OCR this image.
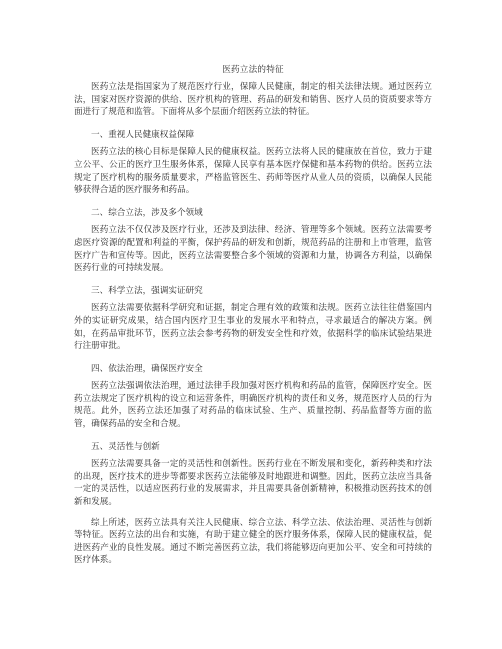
医药立法的特征

医药立法是指国家为了规范医疗行业，保障人民健康，制定的相关法律法规。通过医药立法，国家对医疗资源的供给、医疗机构的管理、药品的研发和销售、医疗人员的资质要求等方面进行了规范和监管。下面将从多个层面介绍医药立法的特征。

一、重视人民健康权益保障

医药立法的核心目标是保障人民的健康权益。医药立法将人民的健康放在首位，致力于建立公平、公正的医疗卫生服务体系，保障人民享有基本医疗保健和基本药物的供给。医药立法规定了医疗机构的服务质量要求，严格监管医生、药师等医疗从业人员的资质，以确保人民能够获得合适的医疗服务和药品。

二、综合立法，涉及多个领域

医药立法不仅仅涉及医疗行业，还涉及到法律、经济、管理等多个领域。医药立法需要考虑医疗资源的配置和利益的平衡，保护药品的研发和创新，规范药品的注册和上市管理，监管医疗广告和宣传等。因此，医药立法需要整合多个领域的资源和力量，协调各方利益，以确保医药行业的可持续发展。

三、科学立法，强调实证研究

医药立法需要依据科学研究和证据，制定合理有效的政策和法规。医药立法往往借鉴国内外的实证研究成果，结合国内医疗卫生事业的发展水平和特点，寻求最适合的解决方案。例如，在药品审批环节，医药立法会参考药物的研发安全性和疗效，依据科学的临床试验结果进行注册审批。

四、依法治理，确保医疗安全

医药立法强调依法治理，通过法律手段加强对医疗机构和药品的监管，保障医疗安全。医药立法规定了医疗机构的设立和运营条件，明确医疗机构的责任和义务，规范医疗人员的行为规范。此外，医药立法还加强了对药品的临床试验、生产、质量控制、药品监督等方面的监管，确保药品的安全和合规。

五、灵活性与创新

医药立法需要具备一定的灵活性和创新性。医药行业在不断发展和变化，新药种类和疗法的出现，医疗技术的进步等都要求医药立法能够及时地跟进和调整。因此，医药立法应当具备一定的灵活性，以适应医药行业的发展需求，并且需要具备创新精神，积极推动医药技术的创新和发展。

综上所述，医药立法具有关注人民健康、综合立法、科学立法、依法治理、灵活性与创新等特征。医药立法的出台和实施，有助于建立健全的医疗服务体系，保障人民的健康权益，促进医药产业的良性发展。通过不断完善医药立法，我们将能够迈向更加公平、安全和可持续的医疗体系。
